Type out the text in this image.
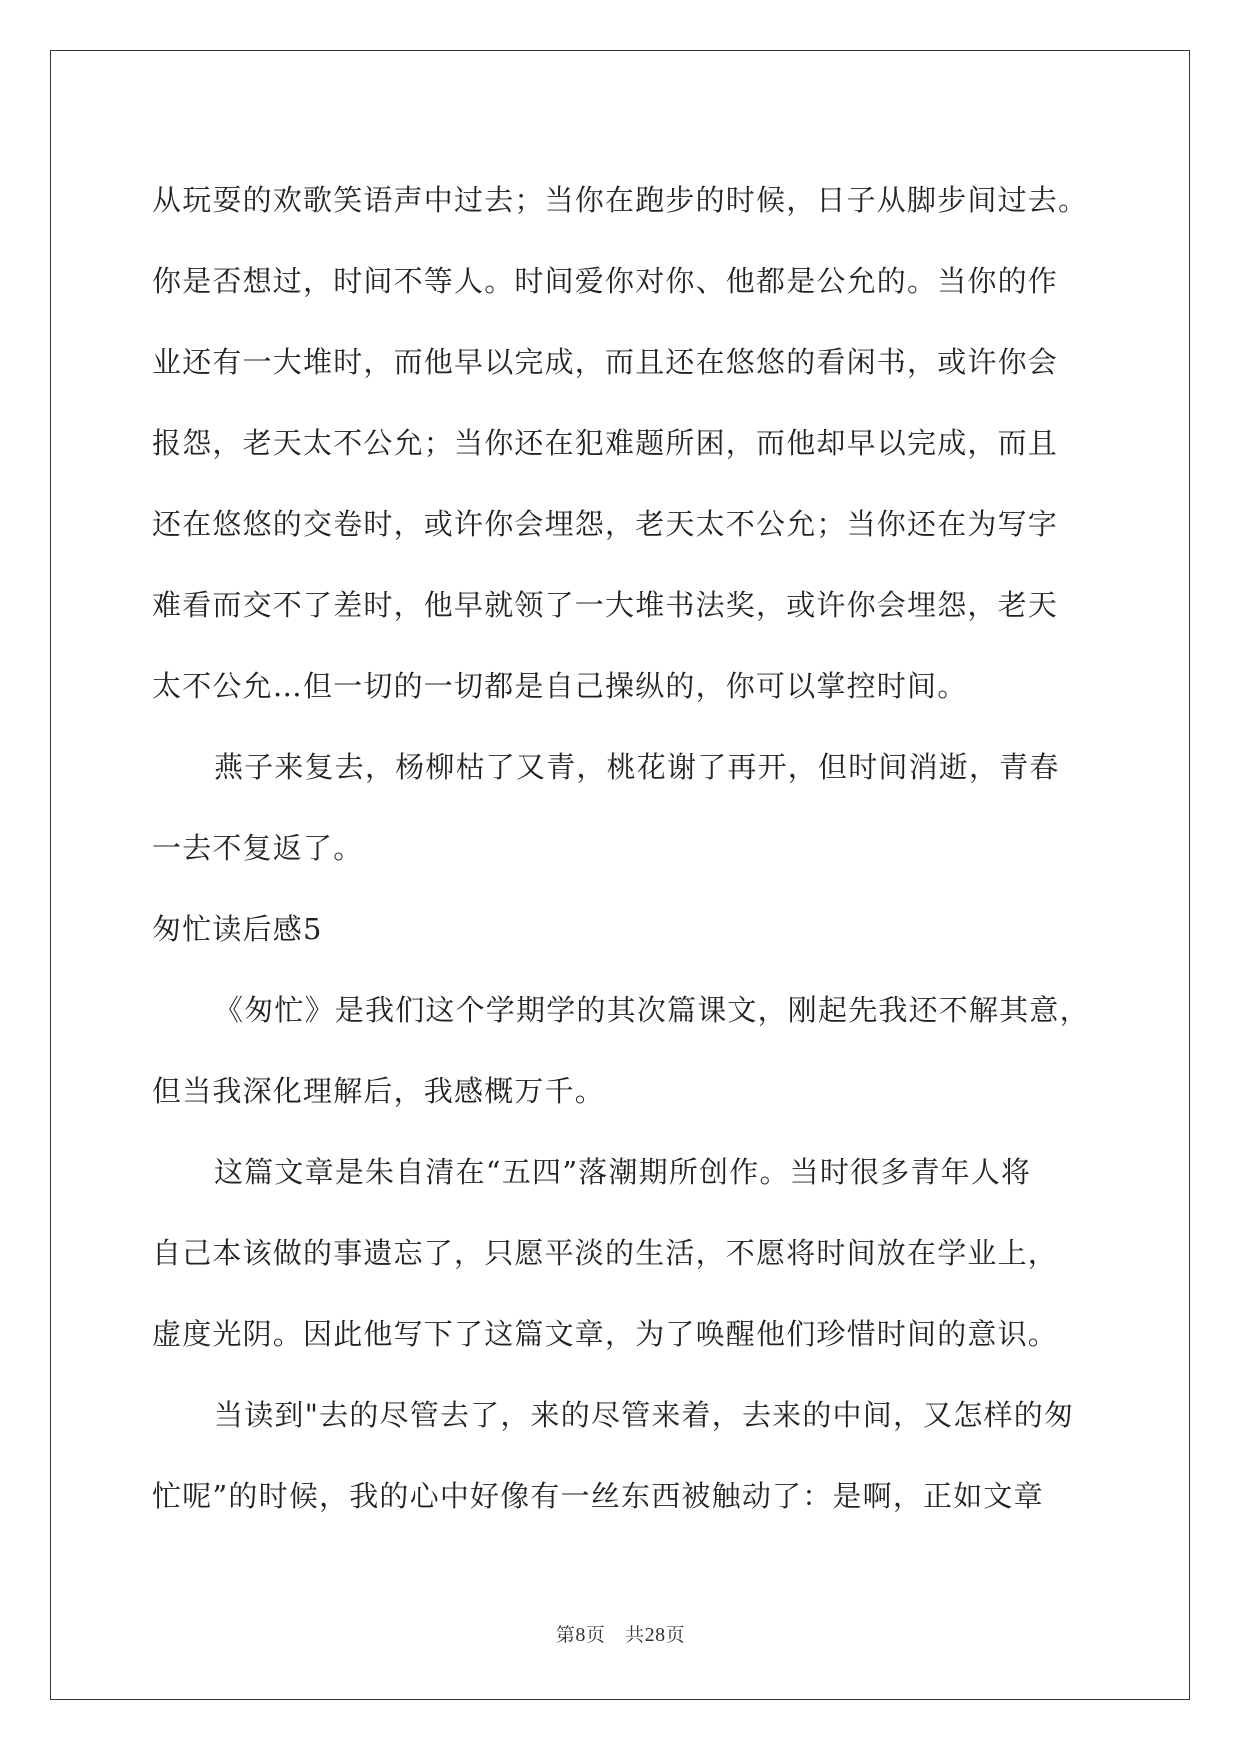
从玩耍的欢歌笑语声中过去；当你在跑步的时候，日子从脚步间过去。
你是否想过，时间不等人。时间爱你对你、他都是公允的。当你的作
业还有一大堆时，而他早以完成，而且还在悠悠的看闲书，或许你会
报怨，老天太不公允；当你还在犯难题所困，而他却早以完成，而且
还在悠悠的交卷时，或许你会埋怨，老天太不公允；当你还在为写字
难看而交不了差时，他早就领了一大堆书法奖，或许你会埋怨，老天
太不公允…但一切的一切都是自己操纵的，你可以掌控时间。
燕子来复去，杨柳枯了又青，桃花谢了再开，但时间消逝，青春
一去不复返了。
匆忙读后感5
《匆忙》是我们这个学期学的其次篇课文，刚起先我还不解其意，
但当我深化理解后，我感概万千。
这篇文章是朱自清在“五四”落潮期所创作。当时很多青年人将
自己本该做的事遗忘了，只愿平淡的生活，不愿将时间放在学业上，
虚度光阴。因此他写下了这篇文章，为了唤醒他们珍惜时间的意识。
当读到"去的尽管去了，来的尽管来着，去来的中间，又怎样的匆
忙呢”的时候，我的心中好像有一丝东西被触动了：是啊，正如文章
第8页 共28页
